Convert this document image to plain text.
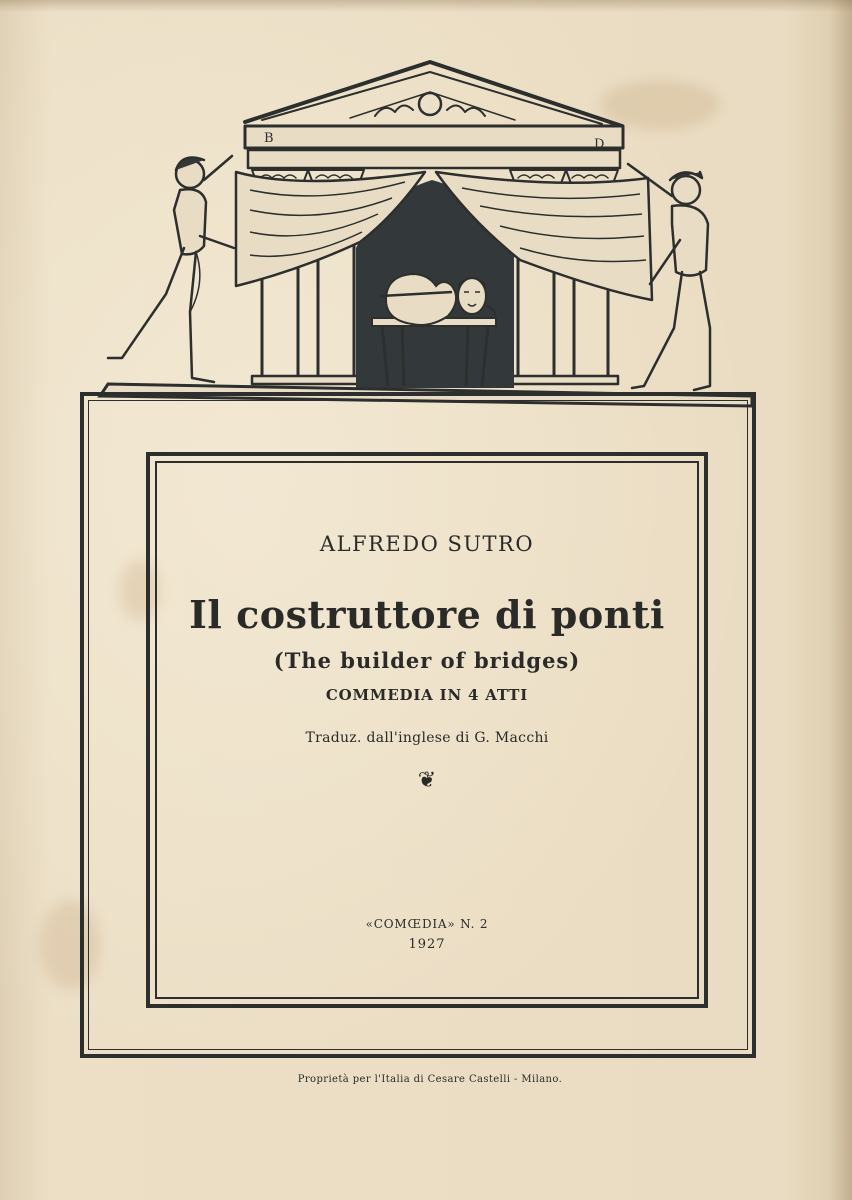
B	D
ALFREDO SUTRO
Il costruttore di ponti
(The builder of bridges)
COMMEDIA IN 4 ATTI
Traduz. dall'inglese di G. Macchi
❦
«COMŒDIA» N. 2
1927
Proprietà per l'Italia di Cesare Castelli - Milano.
